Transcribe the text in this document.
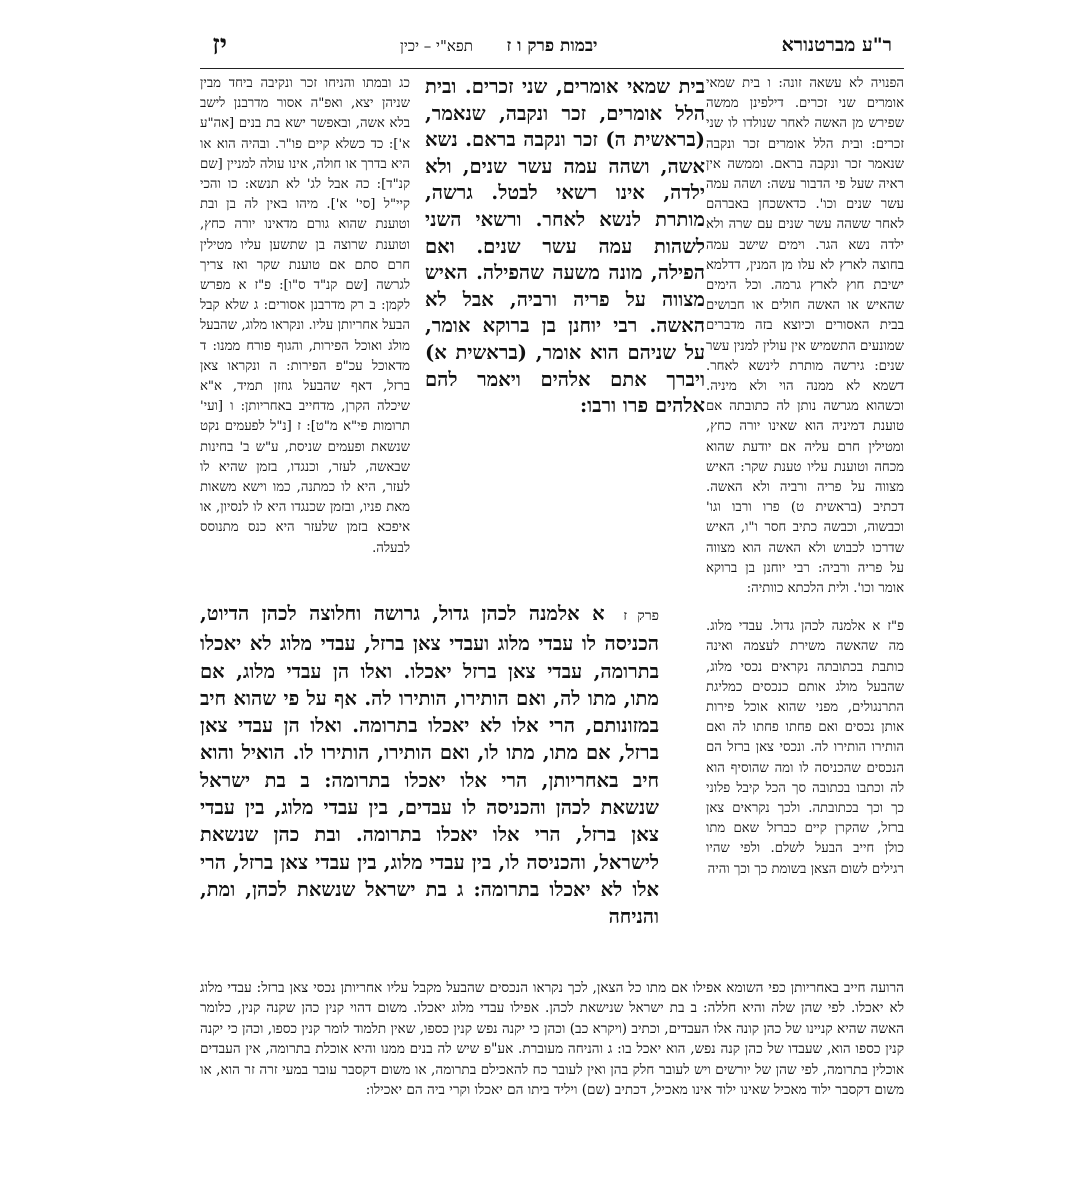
ר"ע מברטנורא
יבמות פרק ו ז
תפא"י – יכין
יז

הפנויה לא עשאה זונה: ו בית שמאי אומרים שני זכרים. דילפינן ממשה שפירש מן האשה לאחר שנולדו לו שני זכרים: ובית הלל אומרים זכר ונקבה שנאמר זכר ונקבה בראם. וממשה אין ראיה שעל פי הדבור עשה: ושהה עמה עשר שנים וכו'. כדאשכחן באברהם לאחר ששהה עשר שנים עם שרה ולא ילדה נשא הגר. וימים שישב עמה בחוצה לארץ לא עלו מן המנין, דדלמא ישיבת חוץ לארץ גרמה. וכל הימים שהאיש או האשה חולים או חבושים בבית האסורים וכיוצא בזה מדברים שמונעים התשמיש אין עולין למנין עשר שנים: גירשה מותרת לינשא לאחר. דשמא לא ממנה הוי ולא מיניה. וכשהוא מגרשה נותן לה כתובתה אם טוענת דמיניה הוא שאינו יורה כחץ, ומטילין חרם עליה אם יודעת שהוא מכחה וטוענת עליו טענת שקר: האיש מצווה על פריה ורביה ולא האשה. דכתיב (בראשית ט) פרו ורבו וגו' וכבשוה, וכבשה כתיב חסר ו"ו, האיש שדרכו לכבוש ולא האשה הוא מצווה על פריה ורביה: רבי יוחנן בן ברוקא אומר וכו'. ולית הלכתא כוותיה:

בית שמאי אומרים, שני זכרים. ובית הלל אומרים, זכר ונקבה, שנאמר, (בראשית ה) זכר ונקבה בראם. נשא אשה, ושהה עמה עשר שנים, ולא ילדה, אינו רשאי לבטל. גרשה, מותרת לנשא לאחר. ורשאי השני לשהות עמה עשר שנים. ואם הפילה, מונה משעה שהפילה. האיש מצווה על פריה ורביה, אבל לא האשה. רבי יוחנן בן ברוקא אומר, על שניהם הוא אומר, (בראשית א) ויברך אתם אלהים ויאמר להם אלהים פרו ורבו:

כג ובמתו והניחו זכר ונקיבה ביחד מבין שניהן יצא, ואפ"ה אסור מדרבנן לישב בלא אשה, ובאפשר ישא בת בנים [אה"ע א']: כד כשלא קיים פו"ר. ובהיה הוא או היא בדרך או חולה, אינו עולה למניין [שם קנ"ד]: כה אבל לג' לא תנשא: כו והכי קיי"ל [סי' א']. מיהו באין לה בן ובת וטוענת שהוא גורם מדאינו יורה כחץ, וטוענת שרוצה בן שתשען עליו מטילין חרם סתם אם טוענת שקר ואז צריך לגרשה [שם קנ"ד ס"ו]: פ"ז א מפרש לקמן: ב רק מדרבנן אסורים: ג שלא קבל הבעל אחריותן עליו. ונקראו מלוג, שהבעל מולג ואוכל הפירות, והגוף פורח ממנו: ד מדאוכל עכ"פ הפירות: ה ונקראו צאן ברזל, דאף שהבעל גוזזן תמיד, א"א שיכלה הקרן, מדחייב באחריותן: ו [ועי' תרומות פי"א מ"ט]: ז [נ"ל לפעמים נקט שנשאת ופעמים שניסת, ע"ש ב' בחינות שבאשה, לעזר, וכנגדו, בזמן שהיא לו לעזר, היא לו כמתנה, כמו וישא משאות מאת פניו, ובזמן שכנגדו היא לו לנסיון, או איפכא בזמן שלעזר היא כנס מתנוסס לבעלה.

פ"ז א אלמנה לכהן גדול. עבדי מלוג. מה שהאשה משירת לעצמה ואינה כותבת בכתובתה נקראים נכסי מלוג, שהבעל מולג אותם כנכסים כמליגת התרנגולים, מפני שהוא אוכל פירות אותן נכסים ואם פחתו פחתו לה ואם הותירו הותירו לה. ונכסי צאן ברזל הם הנכסים שהכניסה לו ומה שהוסיף הוא לה וכתבו בכתובה סך הכל קיבל פלוני כך וכך בכתובתה. ולכך נקראים צאן ברזל, שהקרן קיים כברזל שאם מתו כולן חייב הבעל לשלם. ולפי שהיו רגילים לשום הצאן בשומת כך וכך והיה

פרק ז א אלמנה לכהן גדול, גרושה וחלוצה לכהן הדיוט, הכניסה לו עבדי מלוג ועבדי צאן ברזל, עבדי מלוג לא יאכלו בתרומה, עבדי צאן ברזל יאכלו. ואלו הן עבדי מלוג, אם מתו, מתו לה, ואם הותירו, הותירו לה. אף על פי שהוא חיב במזונותם, הרי אלו לא יאכלו בתרומה. ואלו הן עבדי צאן ברזל, אם מתו, מתו לו, ואם הותירו, הותירו לו. הואיל והוא חיב באחריותן, הרי אלו יאכלו בתרומה: ב בת ישראל שנשאת לכהן והכניסה לו עבדים, בין עבדי מלוג, בין עבדי צאן ברזל, הרי אלו יאכלו בתרומה. ובת כהן שנשאת לישראל, והכניסה לו, בין עבדי מלוג, בין עבדי צאן ברזל, הרי אלו לא יאכלו בתרומה: ג בת ישראל שנשאת לכהן, ומת, והניחה

הרועה חייב באחריותן כפי השומא אפילו אם מתו כל הצאן, לכך נקראו הנכסים שהבעל מקבל עליו אחריותן נכסי צאן ברזל: עבדי מלוג לא יאכלו. לפי שהן שלה והיא חללה: ב בת ישראל שנישאת לכהן. אפילו עבדי מלוג יאכלו. משום דהוי קנין כהן שקנה קנין, כלומר האשה שהיא קניינו של כהן קונה אלו העבדים, וכתיב (ויקרא כב) וכהן כי יקנה נפש קנין כספו, שאין תלמוד לומר קנין כספו, וכהן כי יקנה קנין כספו הוא, שעבדו של כהן קנה נפש, הוא יאכל בו: ג והניחה מעוברת. אע"פ שיש לה בנים ממנו והיא אוכלת בתרומה, אין העבדים אוכלין בתרומה, לפי שהן של יורשים ויש לעובר חלק בהן ואין לעובר כח להאכילם בתרומה, או משום דקסבר עובר במעי זרה זר הוא, או משום דקסבר ילוד מאכיל שאינו ילוד אינו מאכיל, דכתיב (שם) ויליד ביתו הם יאכלו וקרי ביה הם יאכילו:
